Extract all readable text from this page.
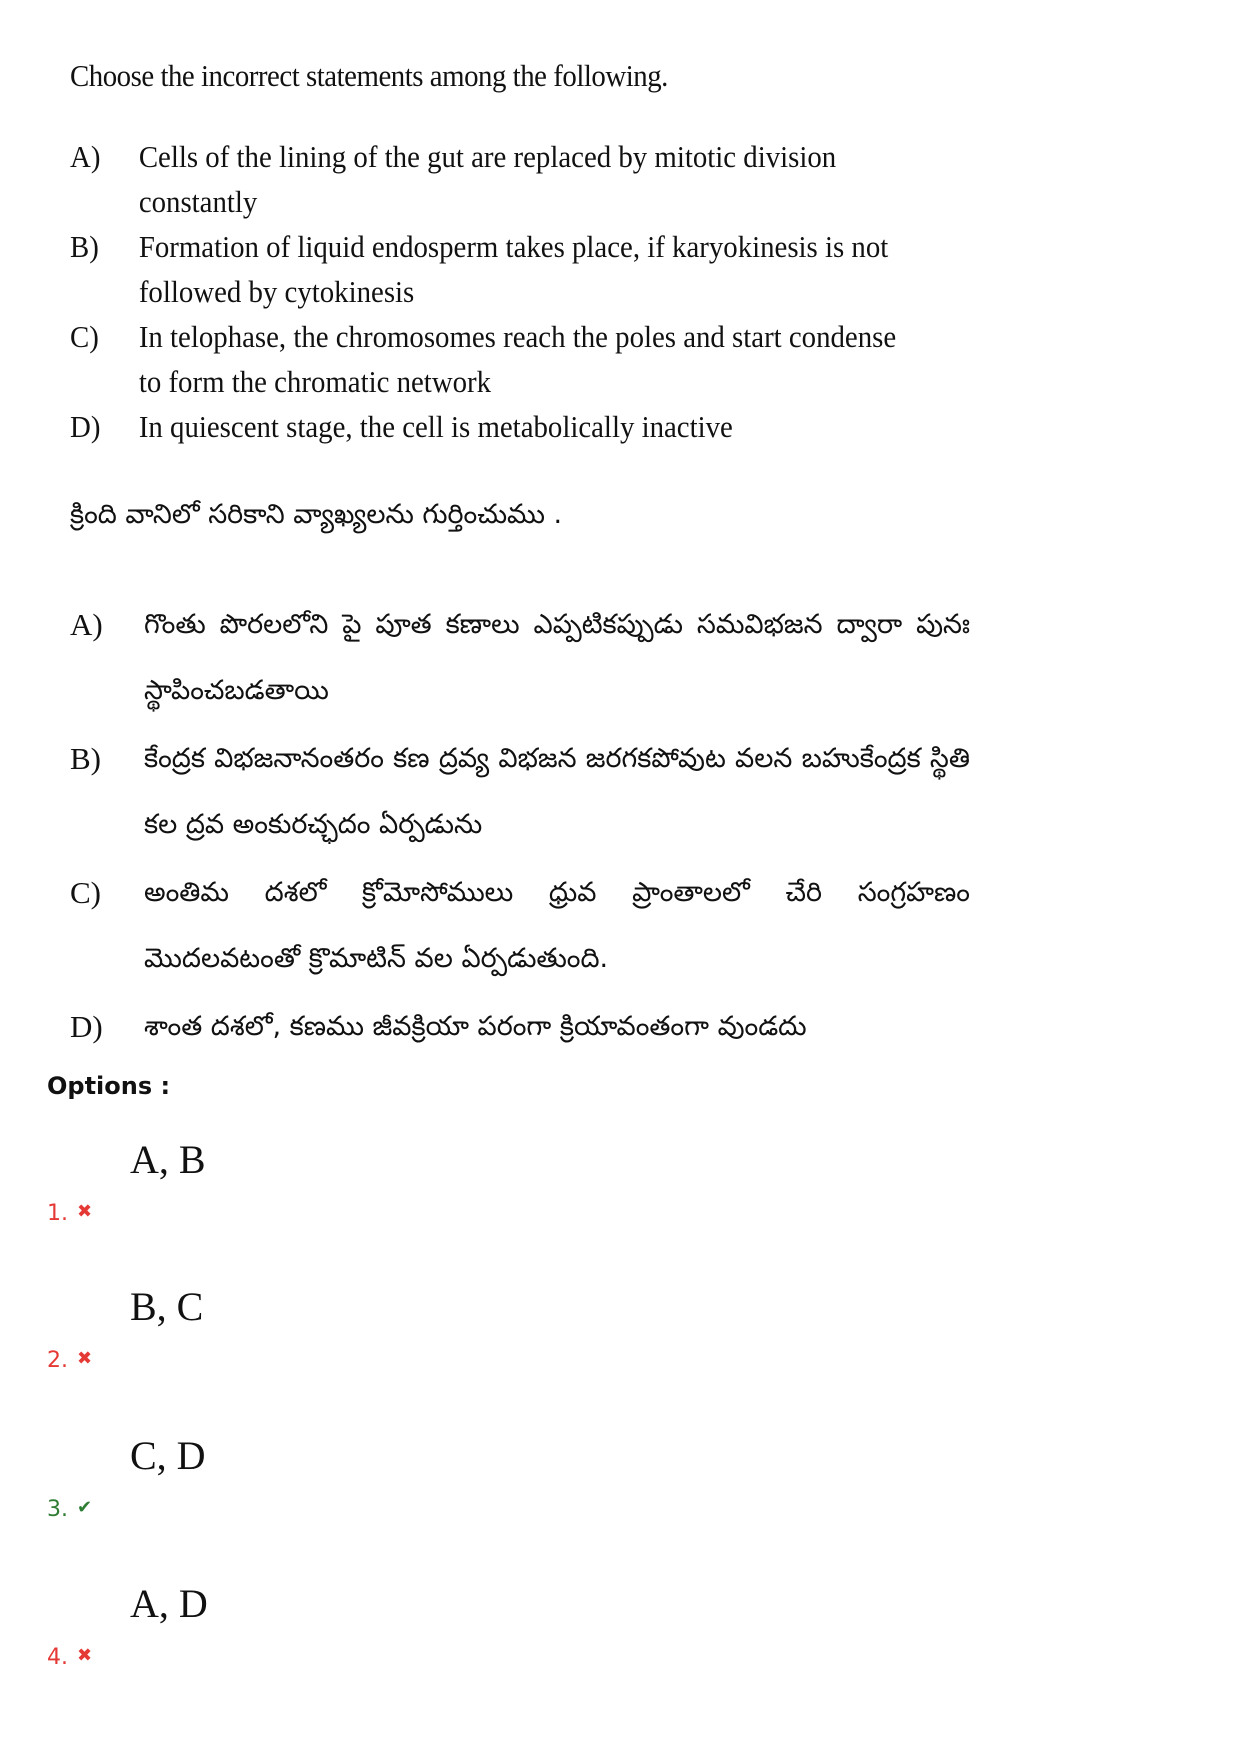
Choose the incorrect statements among the following.
A)	Cells of the lining of the gut are replaced by mitotic division constantly
B)	Formation of liquid endosperm takes place, if karyokinesis is not followed by cytokinesis
C)	In telophase, the chromosomes reach the poles and start condense to form the chromatic network
D)	In quiescent stage, the cell is metabolically inactive
క్రింది వానిలో సరికాని వ్యాఖ్యలను గుర్తించుము .
A)	గొంతు పొరలలోని పై పూత కణాలు ఎప్పటికప్పుడు సమవిభజన ద్వారా పునః స్థాపించబడతాయి
B)	కేంద్రక విభజనానంతరం కణ ద్రవ్య విభజన జరగకపోవుట వలన బహుకేంద్రక స్థితి కల ద్రవ అంకురచ్ఛదం ఏర్పడును
C)	అంతిమ దశలో క్రోమోసోములు ధ్రువ ప్రాంతాలలో చేరి సంగ్రహణం మొదలవటంతో క్రొమాటిన్ వల ఏర్పడుతుంది.
D)	శాంత దశలో, కణము జీవక్రియా పరంగా క్రియావంతంగా వుండదు
Options :
A, B
1. ✖
B, C
2. ✖
C, D
3. ✔
A, D
4. ✖
